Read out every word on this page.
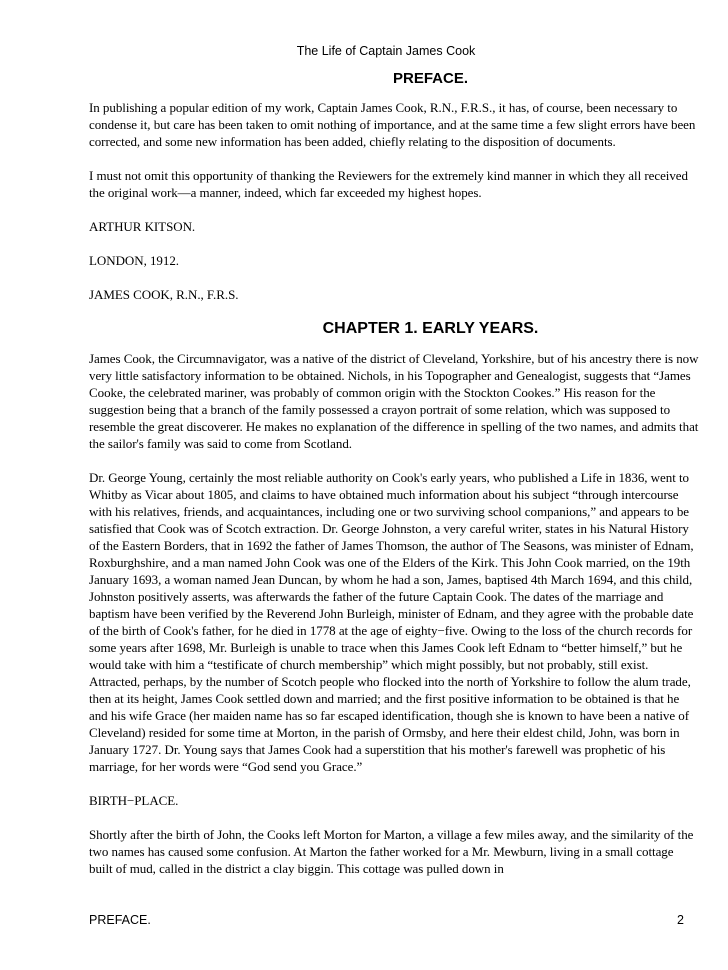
The Life of Captain James Cook
PREFACE.

In publishing a popular edition of my work, Captain James Cook, R.N., F.R.S., it has, of course, been necessary to condense it, but care has been taken to omit nothing of importance, and at the same time a few slight errors have been corrected, and some new information has been added, chiefly relating to the disposition of documents.

I must not omit this opportunity of thanking the Reviewers for the extremely kind manner in which they all received the original work—a manner, indeed, which far exceeded my highest hopes.

ARTHUR KITSON.

LONDON, 1912.

JAMES COOK, R.N., F.R.S.

CHAPTER 1. EARLY YEARS.

James Cook, the Circumnavigator, was a native of the district of Cleveland, Yorkshire, but of his ancestry there is now very little satisfactory information to be obtained. Nichols, in his Topographer and Genealogist, suggests that “James Cooke, the celebrated mariner, was probably of common origin with the Stockton Cookes.” His reason for the suggestion being that a branch of the family possessed a crayon portrait of some relation, which was supposed to resemble the great discoverer. He makes no explanation of the difference in spelling of the two names, and admits that the sailor's family was said to come from Scotland.

Dr. George Young, certainly the most reliable authority on Cook's early years, who published a Life in 1836, went to Whitby as Vicar about 1805, and claims to have obtained much information about his subject “through intercourse with his relatives, friends, and acquaintances, including one or two surviving school companions,” and appears to be satisfied that Cook was of Scotch extraction. Dr. George Johnston, a very careful writer, states in his Natural History of the Eastern Borders, that in 1692 the father of James Thomson, the author of The Seasons, was minister of Ednam, Roxburghshire, and a man named John Cook was one of the Elders of the Kirk. This John Cook married, on the 19th January 1693, a woman named Jean Duncan, by whom he had a son, James, baptised 4th March 1694, and this child, Johnston positively asserts, was afterwards the father of the future Captain Cook. The dates of the marriage and baptism have been verified by the Reverend John Burleigh, minister of Ednam, and they agree with the probable date of the birth of Cook's father, for he died in 1778 at the age of eighty−five. Owing to the loss of the church records for some years after 1698, Mr. Burleigh is unable to trace when this James Cook left Ednam to “better himself,” but he would take with him a “testificate of church membership” which might possibly, but not probably, still exist. Attracted, perhaps, by the number of Scotch people who flocked into the north of Yorkshire to follow the alum trade, then at its height, James Cook settled down and married; and the first positive information to be obtained is that he and his wife Grace (her maiden name has so far escaped identification, though she is known to have been a native of Cleveland) resided for some time at Morton, in the parish of Ormsby, and here their eldest child, John, was born in January 1727. Dr. Young says that James Cook had a superstition that his mother's farewell was prophetic of his marriage, for her words were “God send you Grace.”

BIRTH−PLACE.

Shortly after the birth of John, the Cooks left Morton for Marton, a village a few miles away, and the similarity of the two names has caused some confusion. At Marton the father worked for a Mr. Mewburn, living in a small cottage built of mud, called in the district a clay biggin. This cottage was pulled down in

PREFACE.	2
